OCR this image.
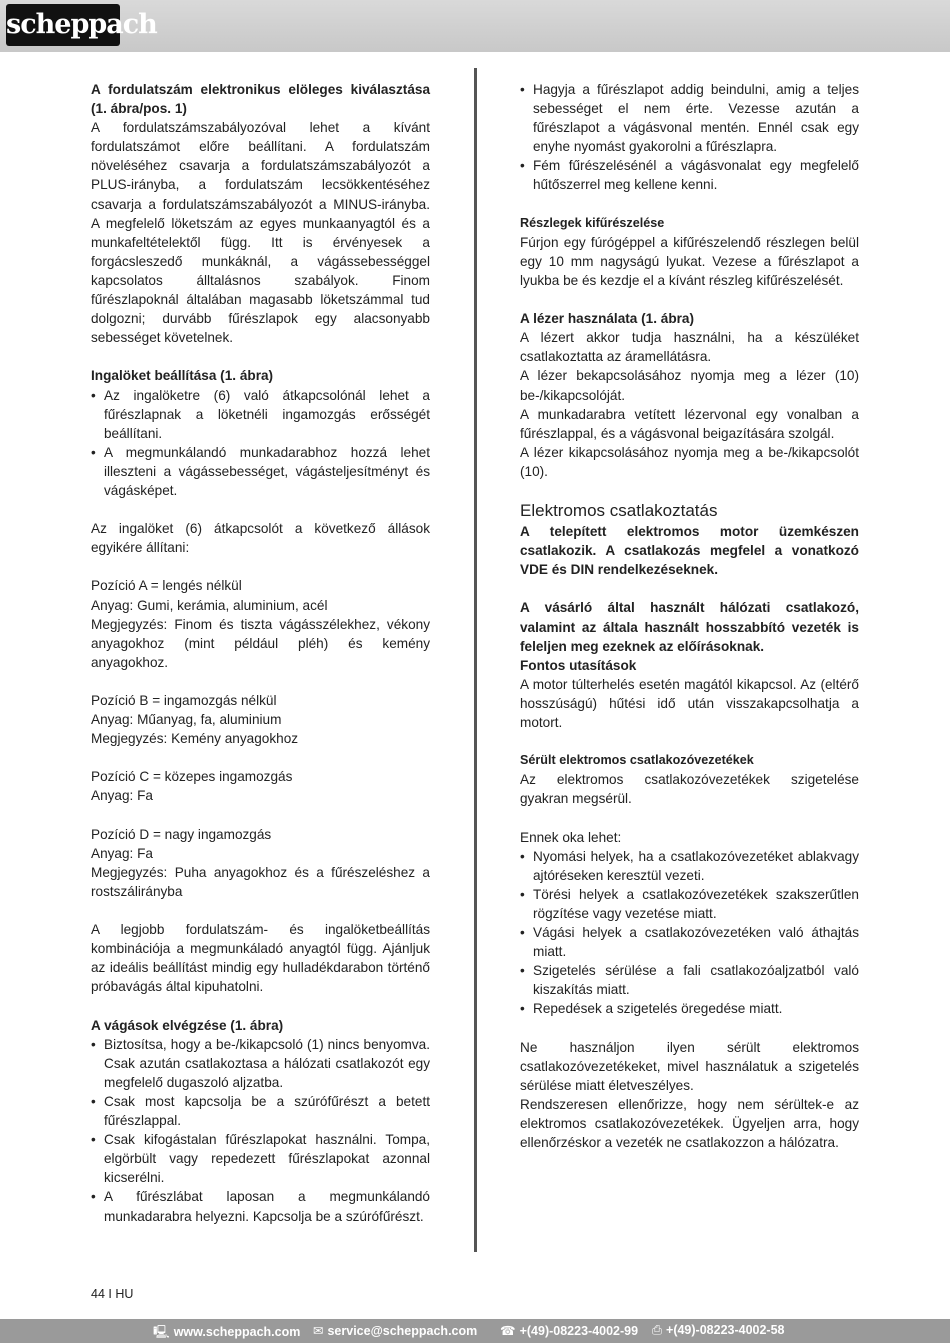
scheppach

A fordulatszám elektronikus elöleges kiválasztása (1. ábra/pos. 1)

A fordulatszámszabályozóval lehet a kívánt fordulatszámot előre beállítani. A fordulatszám növeléséhez csavarja a fordulatszámszabályozót a PLUS-irányba, a fordulatszám lecsökkentéséhez csavarja a fordulatszámszabályozót a MINUS-irányba. A megfelelő löketszám az egyes munkaanyagtól és a munkafeltételektől függ. Itt is érvényesek a forgácsleszedő munkáknál, a vágássebességgel kapcsolatos álltalásnos szabályok. Finom fűrészlapoknál általában magasabb löketszámmal tud dolgozni; durvább fűrészlapok egy alacsonyabb sebességet követelnek.

Ingalöket beállítása (1. ábra)

• Az ingalöketre (6) való átkapcsolónál lehet a fűrészlapnak a löketnéli ingamozgás erősségét beállítani.
• A megmunkálandó munkadarabhoz hozzá lehet illeszteni a vágássebességet, vágásteljesítményt és vágásképet.

Az ingalöket (6) átkapcsolót a következő állások egyikére állítani:

Pozíció A = lengés nélkül

Anyag: Gumi, kerámia, aluminium, acél

Megjegyzés: Finom és tiszta vágásszélekhez, vékony anyagokhoz (mint például pléh) és kemény anyagokhoz.

Pozíció B = ingamozgás nélkül

Anyag: Műanyag, fa, aluminium

Megjegyzés: Kemény anyagokhoz

Pozíció C = közepes ingamozgás

Anyag: Fa

Pozíció D = nagy ingamozgás

Anyag: Fa

Megjegyzés: Puha anyagokhoz és a fűrészeléshez a rostszálirányba

A legjobb fordulatszám- és ingalöketbeállítás kombinációja a megmunkáladó anyagtól függ. Ajánljuk az ideális beállítást mindig egy hulladékdarabon történő próbavágás által kipuhatolni.

A vágások elvégzése (1. ábra)

• Biztosítsa, hogy a be-/kikapcsoló (1) nincs benyomva. Csak azután csatlakoztasa a hálózati csatlakozót egy megfelelő dugaszoló aljzatba.
• Csak most kapcsolja be a szúrófűrészt a betett fűrészlappal.
• Csak kifogástalan fűrészlapokat használni. Tompa, elgörbült vagy repedezett fűrészlapokat azonnal kicserélni.
• A fűrészlábat laposan a megmunkálandó munkadarabra helyezni. Kapcsolja be a szúrófűrészt.
• Hagyja a fűrészlapot addig beindulni, amig a teljes sebességet el nem érte. Vezesse azután a fűrészlapot a vágásvonal mentén. Ennél csak egy enyhe nyomást gyakorolni a fűrészlapra.
• Fém fűrészelésénél a vágásvonalat egy megfelelő hűtőszerrel meg kellene kenni.

Részlegek kifűrészelése

Fúrjon egy fúrógéppel a kifűrészelendő részlegen belül egy 10 mm nagyságú lyukat. Vezese a fűrészlapot a lyukba be és kezdje el a kívánt részleg kifűrészelését.

A lézer használata (1. ábra)

A lézert akkor tudja használni, ha a készüléket csatlakoztatta az áramellátásra.

A lézer bekapcsolásához nyomja meg a lézer (10) be-/kikapcsolóját.

A munkadarabra vetített lézervonal egy vonalban a fűrészlappal, és a vágásvonal beigazítására szolgál.

A lézer kikapcsolásához nyomja meg a be-/kikapcsolót (10).

Elektromos csatlakoztatás

A telepített elektromos motor üzemkészen csatlakozik. A csatlakozás megfelel a vonatkozó VDE és DIN rendelkezéseknek.

A vásárló által használt hálózati csatlakozó, valamint az általa használt hosszabbító vezeték is feleljen meg ezeknek az előírásoknak.

Fontos utasítások

A motor túlterhelés esetén magától kikapcsol. Az (eltérő hosszúságú) hűtési idő után visszakapcsolhatja a motort.

Sérült elektromos csatlakozóvezetékek

Az elektromos csatlakozóvezetékek szigetelése gyakran megsérül.

Ennek oka lehet:

• Nyomási helyek, ha a csatlakozóvezetéket ablakvagy ajtóréseken keresztül vezeti.
• Törési helyek a csatlakozóvezetékek szakszerűtlen rögzítése vagy vezetése miatt.
• Vágási helyek a csatlakozóvezetéken való áthajtás miatt.
• Szigetelés sérülése a fali csatlakozóaljzatból való kiszakítás miatt.
• Repedések a szigetelés öregedése miatt.

Ne használjon ilyen sérült elektromos csatlakozóvezetékeket, mivel használatuk a szigetelés sérülése miatt életveszélyes.

Rendszeresen ellenőrizze, hogy nem sérültek-e az elektromos csatlakozóvezetékek. Ügyeljen arra, hogy ellenőrzéskor a vezeték ne csatlakozzon a hálózatra.

44 I HU
🖳 www.scheppach.com ✉ service@scheppach.com ☎ +(49)-08223-4002-99 ⎙ +(49)-08223-4002-58
